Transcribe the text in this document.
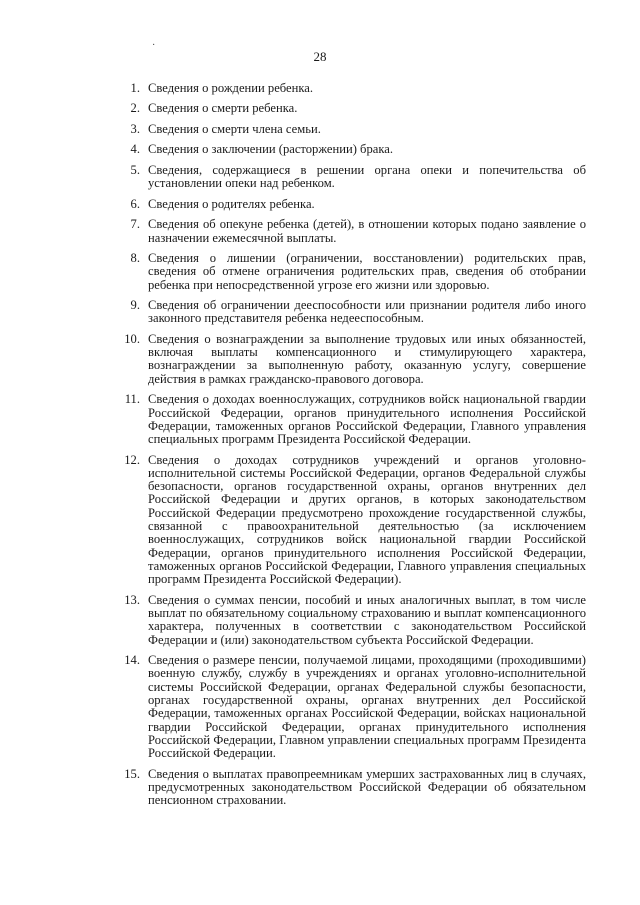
·
28
1. Сведения о рождении ребенка.
2. Сведения о смерти ребенка.
3. Сведения о смерти члена семьи.
4. Сведения о заключении (расторжении) брака.
5. Сведения, содержащиеся в решении органа опеки и попечительства об установлении опеки над ребенком.
6. Сведения о родителях ребенка.
7. Сведения об опекуне ребенка (детей), в отношении которых подано заявление о назначении ежемесячной выплаты.
8. Сведения о лишении (ограничении, восстановлении) родительских прав, сведения об отмене ограничения родительских прав, сведения об отобрании ребенка при непосредственной угрозе его жизни или здоровью.
9. Сведения об ограничении дееспособности или признании родителя либо иного законного представителя ребенка недееспособным.
10. Сведения о вознаграждении за выполнение трудовых или иных обязанностей, включая выплаты компенсационного и стимулирующего характера, вознаграждении за выполненную работу, оказанную услугу, совершение действия в рамках гражданско-правового договора.
11. Сведения о доходах военнослужащих, сотрудников войск национальной гвардии Российской Федерации, органов принудительного исполнения Российской Федерации, таможенных органов Российской Федерации, Главного управления специальных программ Президента Российской Федерации.
12. Сведения о доходах сотрудников учреждений и органов уголовно-исполнительной системы Российской Федерации, органов Федеральной службы безопасности, органов государственной охраны, органов внутренних дел Российской Федерации и других органов, в которых законодательством Российской Федерации предусмотрено прохождение государственной службы, связанной с правоохранительной деятельностью (за исключением военнослужащих, сотрудников войск национальной гвардии Российской Федерации, органов принудительного исполнения Российской Федерации, таможенных органов Российской Федерации, Главного управления специальных программ Президента Российской Федерации).
13. Сведения о суммах пенсии, пособий и иных аналогичных выплат, в том числе выплат по обязательному социальному страхованию и выплат компенсационного характера, полученных в соответствии с законодательством Российской Федерации и (или) законодательством субъекта Российской Федерации.
14. Сведения о размере пенсии, получаемой лицами, проходящими (проходившими) военную службу, службу в учреждениях и органах уголовно-исполнительной системы Российской Федерации, органах Федеральной службы безопасности, органах государственной охраны, органах внутренних дел Российской Федерации, таможенных органах Российской Федерации, войсках национальной гвардии Российской Федерации, органах принудительного исполнения Российской Федерации, Главном управлении специальных программ Президента Российской Федерации.
15. Сведения о выплатах правопреемникам умерших застрахованных лиц в случаях, предусмотренных законодательством Российской Федерации об обязательном пенсионном страховании.
